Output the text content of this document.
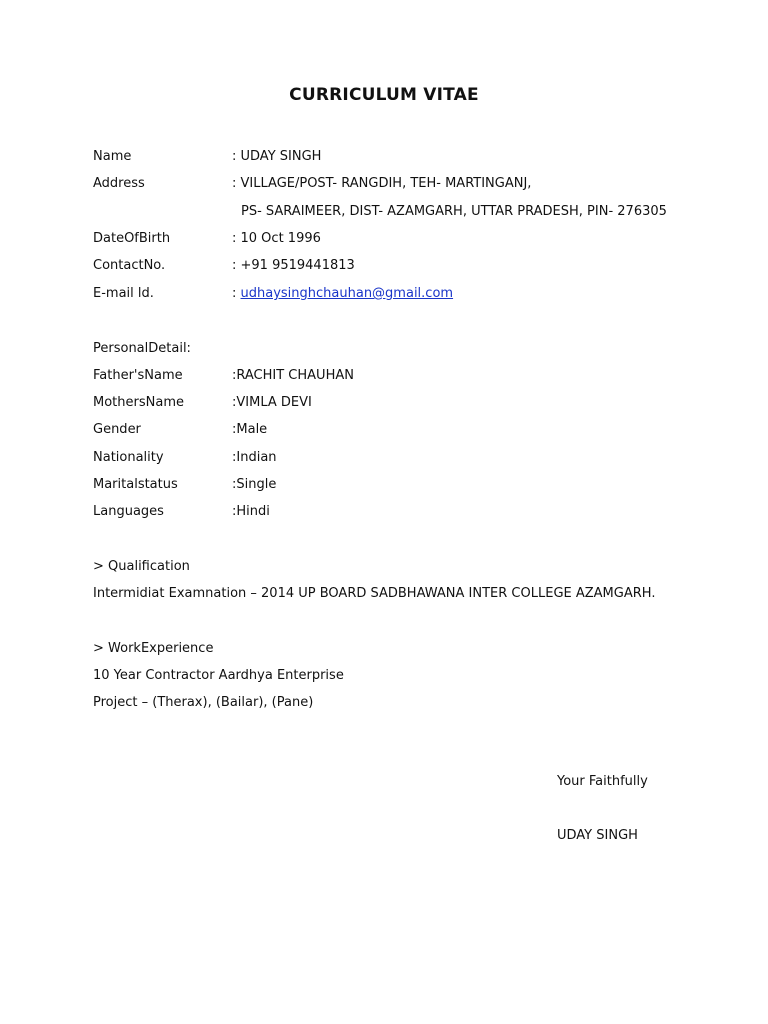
CURRICULUM VITAE
Name	: UDAY SINGH
Address	: VILLAGE/POST- RANGDIH, TEH- MARTINGANJ,
PS- SARAIMEER, DIST- AZAMGARH, UTTAR PRADESH, PIN- 276305
DateOfBirth	: 10 Oct 1996
ContactNo.	: +91 9519441813
E-mail ld.	: udhaysinghchauhan@gmail.com
PersonalDetail:
Father'sName	:RACHIT CHAUHAN
MothersName	:VIMLA DEVI
Gender	:Male
Nationality	:Indian
Maritalstatus	:Single
Languages	:Hindi
> Qualification
Intermidiat Examnation – 2014 UP BOARD SADBHAWANA INTER COLLEGE AZAMGARH.
> WorkExperience
10 Year Contractor Aardhya Enterprise
Project – (Therax), (Bailar), (Pane)
Your Faithfully
UDAY SINGH
